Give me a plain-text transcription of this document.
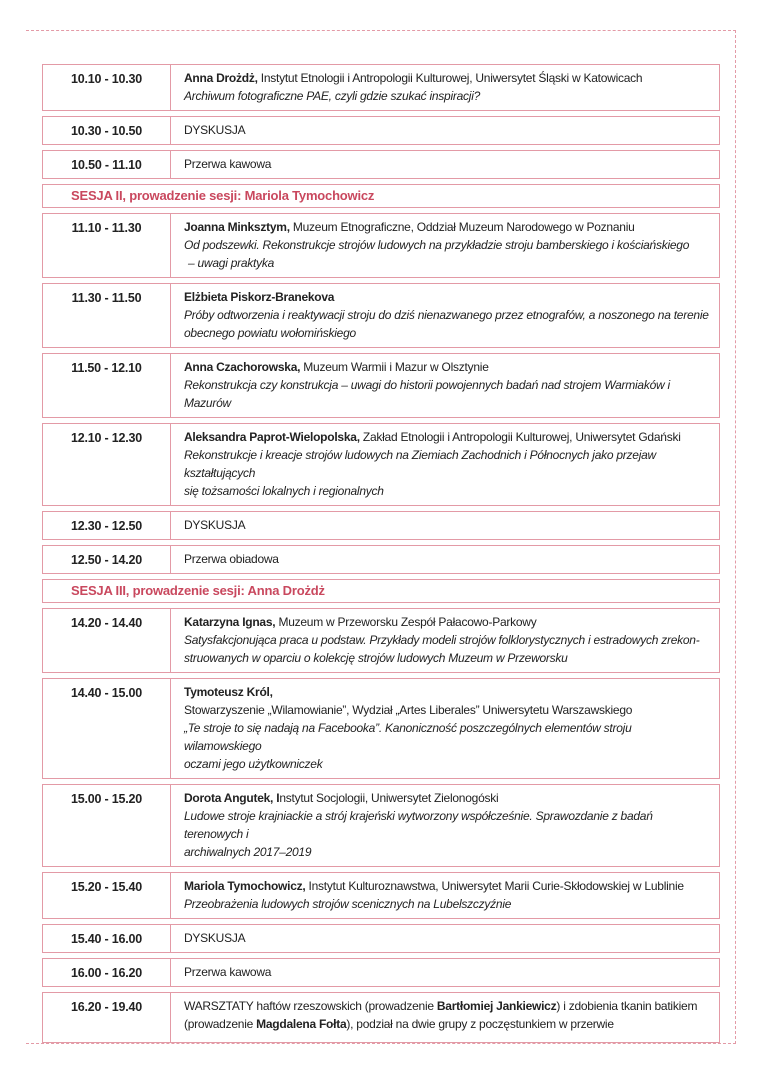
10.10 - 10.30	Anna Drożdż, Instytut Etnologii i Antropologii Kulturowej, Uniwersytet Śląski w Katowicach
Archiwum fotograficzne PAE, czyli gdzie szukać inspiracji?
10.30 - 10.50	DYSKUSJA
10.50 - 11.10	Przerwa kawowa
SESJA II, prowadzenie sesji: Mariola Tymochowicz
11.10 - 11.30	Joanna Minksztym, Muzeum Etnograficzne, Oddział Muzeum Narodowego w Poznaniu
Od podszewki. Rekonstrukcje strojów ludowych na przykładzie stroju bamberskiego i kościańskiego
– uwagi praktyka
11.30 - 11.50	Elżbieta Piskorz-Branekova
Próby odtworzenia i reaktywacji stroju do dziś nienazwanego przez etnografów, a noszonego na terenie
obecnego powiatu wołomińskiego
11.50 - 12.10	Anna Czachorowska, Muzeum Warmii i Mazur w Olsztynie
Rekonstrukcja czy konstrukcja – uwagi do historii powojennych badań nad strojem Warmiaków i Mazurów
12.10 - 12.30	Aleksandra Paprot-Wielopolska, Zakład Etnologii i Antropologii Kulturowej, Uniwersytet Gdański
Rekonstrukcje i kreacje strojów ludowych na Ziemiach Zachodnich i Północnych jako przejaw kształtujących
się tożsamości lokalnych i regionalnych
12.30 - 12.50	DYSKUSJA
12.50 - 14.20	Przerwa obiadowa
SESJA III, prowadzenie sesji: Anna Drożdż
14.20 - 14.40	Katarzyna Ignas, Muzeum w Przeworsku Zespół Pałacowo-Parkowy
Satysfakcjonująca praca u podstaw. Przykłady modeli strojów folklorystycznych i estradowych zrekon-
struowanych w oparciu o kolekcję strojów ludowych Muzeum w Przeworsku
14.40 - 15.00	Tymoteusz Król,
Stowarzyszenie „Wilamowianie”, Wydział „Artes Liberales” Uniwersytetu Warszawskiego
„Te stroje to się nadają na Facebooka”. Kanoniczność poszczególnych elementów stroju wilamowskiego
oczami jego użytkowniczek
15.00 - 15.20	Dorota Angutek, Instytut Socjologii, Uniwersytet Zielonogóski
Ludowe stroje krajniackie a strój krajeński wytworzony współcześnie. Sprawozdanie z badań terenowych i
archiwalnych 2017–2019
15.20 - 15.40	Mariola Tymochowicz, Instytut Kulturoznawstwa, Uniwersytet Marii Curie-Skłodowskiej w Lublinie
Przeobrażenia ludowych strojów scenicznych na Lubelszczyźnie
15.40 - 16.00	DYSKUSJA
16.00 - 16.20	Przerwa kawowa
16.20 - 19.40	WARSZTATY haftów rzeszowskich (prowadzenie Bartłomiej Jankiewicz) i zdobienia tkanin batikiem
(prowadzenie Magdalena Fołta), podział na dwie grupy z poczęstunkiem w przerwie
